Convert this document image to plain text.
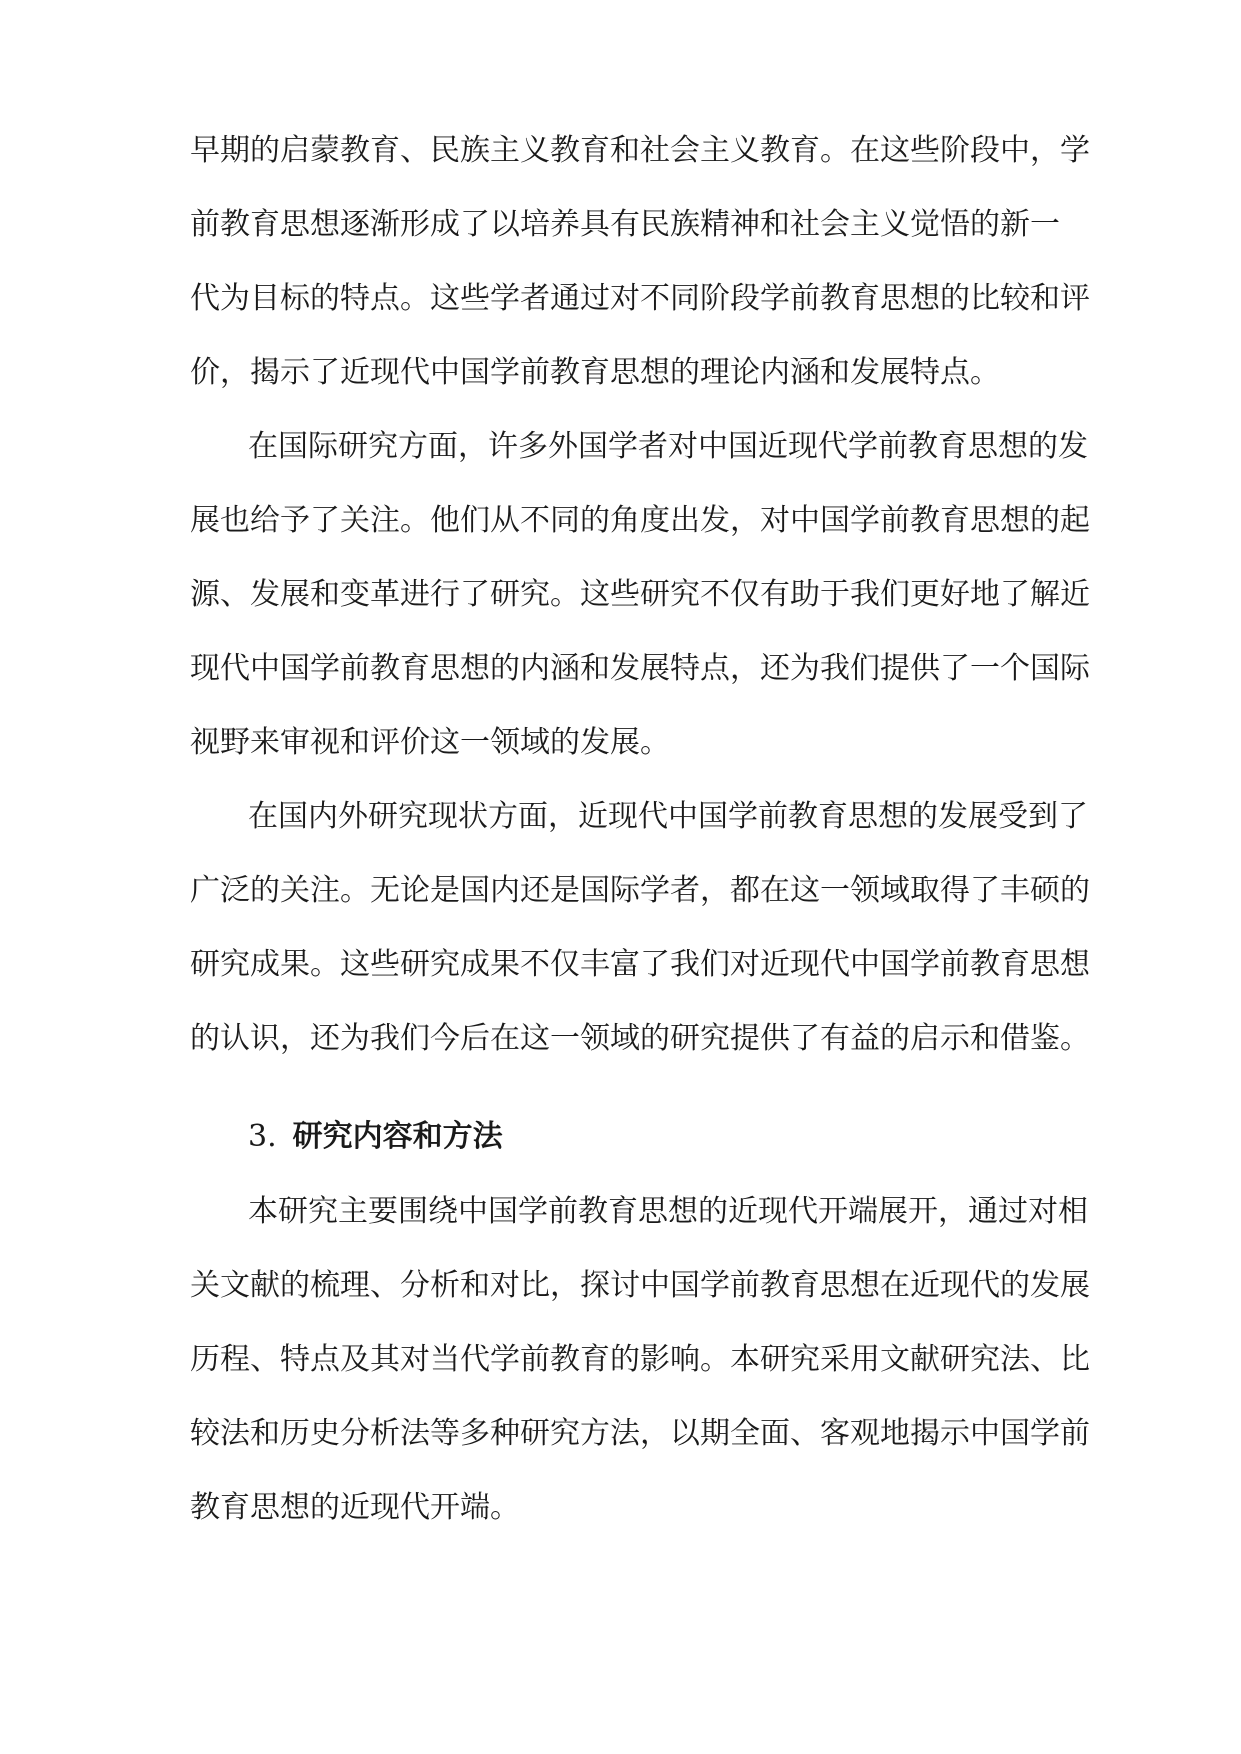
早期的启蒙教育、民族主义教育和社会主义教育。在这些阶段中，学
前教育思想逐渐形成了以培养具有民族精神和社会主义觉悟的新一
代为目标的特点。这些学者通过对不同阶段学前教育思想的比较和评
价，揭示了近现代中国学前教育思想的理论内涵和发展特点。
在国际研究方面，许多外国学者对中国近现代学前教育思想的发
展也给予了关注。他们从不同的角度出发，对中国学前教育思想的起
源、发展和变革进行了研究。这些研究不仅有助于我们更好地了解近
现代中国学前教育思想的内涵和发展特点，还为我们提供了一个国际
视野来审视和评价这一领域的发展。
在国内外研究现状方面，近现代中国学前教育思想的发展受到了
广泛的关注。无论是国内还是国际学者，都在这一领域取得了丰硕的
研究成果。这些研究成果不仅丰富了我们对近现代中国学前教育思想
的认识，还为我们今后在这一领域的研究提供了有益的启示和借鉴。
3. 研究内容和方法
本研究主要围绕中国学前教育思想的近现代开端展开，通过对相
关文献的梳理、分析和对比，探讨中国学前教育思想在近现代的发展
历程、特点及其对当代学前教育的影响。本研究采用文献研究法、比
较法和历史分析法等多种研究方法，以期全面、客观地揭示中国学前
教育思想的近现代开端。
